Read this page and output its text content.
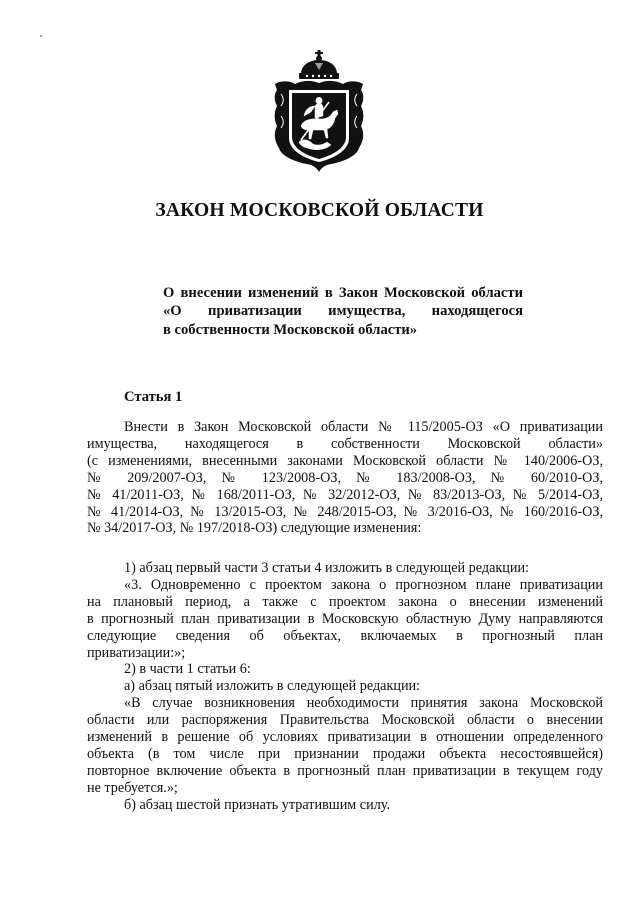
ЗАКОН МОСКОВСКОЙ ОБЛАСТИ
О внесении изменений в Закон Московской области
«О приватизации имущества, находящегося
в собственности Московской области»
Статья 1
Внести в Закон Московской области № 115/2005-ОЗ «О приватизации
имущества, находящегося в собственности Московской области»
(с изменениями, внесенными законами Московской области № 140/2006-ОЗ,
№ 209/2007-ОЗ, № 123/2008-ОЗ, № 183/2008-ОЗ, № 60/2010-ОЗ,
№ 41/2011-ОЗ, № 168/2011-ОЗ, № 32/2012-ОЗ, № 83/2013-ОЗ, № 5/2014-ОЗ,
№ 41/2014-ОЗ, № 13/2015-ОЗ, № 248/2015-ОЗ, № 3/2016-ОЗ, № 160/2016-ОЗ,
№ 34/2017-ОЗ, № 197/2018-ОЗ) следующие изменения:
1) абзац первый части 3 статьи 4 изложить в следующей редакции:
«3. Одновременно с проектом закона о прогнозном плане приватизации
на плановый период, а также с проектом закона о внесении изменений
в прогнозный план приватизации в Московскую областную Думу направляются
следующие сведения об объектах, включаемых в прогнозный план
приватизации:»;
2) в части 1 статьи 6:
а) абзац пятый изложить в следующей редакции:
«В случае возникновения необходимости принятия закона Московской
области или распоряжения Правительства Московской области о внесении
изменений в решение об условиях приватизации в отношении определенного
объекта (в том числе при признании продажи объекта несостоявшейся)
повторное включение объекта в прогнозный план приватизации в текущем году
не требуется.»;
б) абзац шестой признать утратившим силу.
